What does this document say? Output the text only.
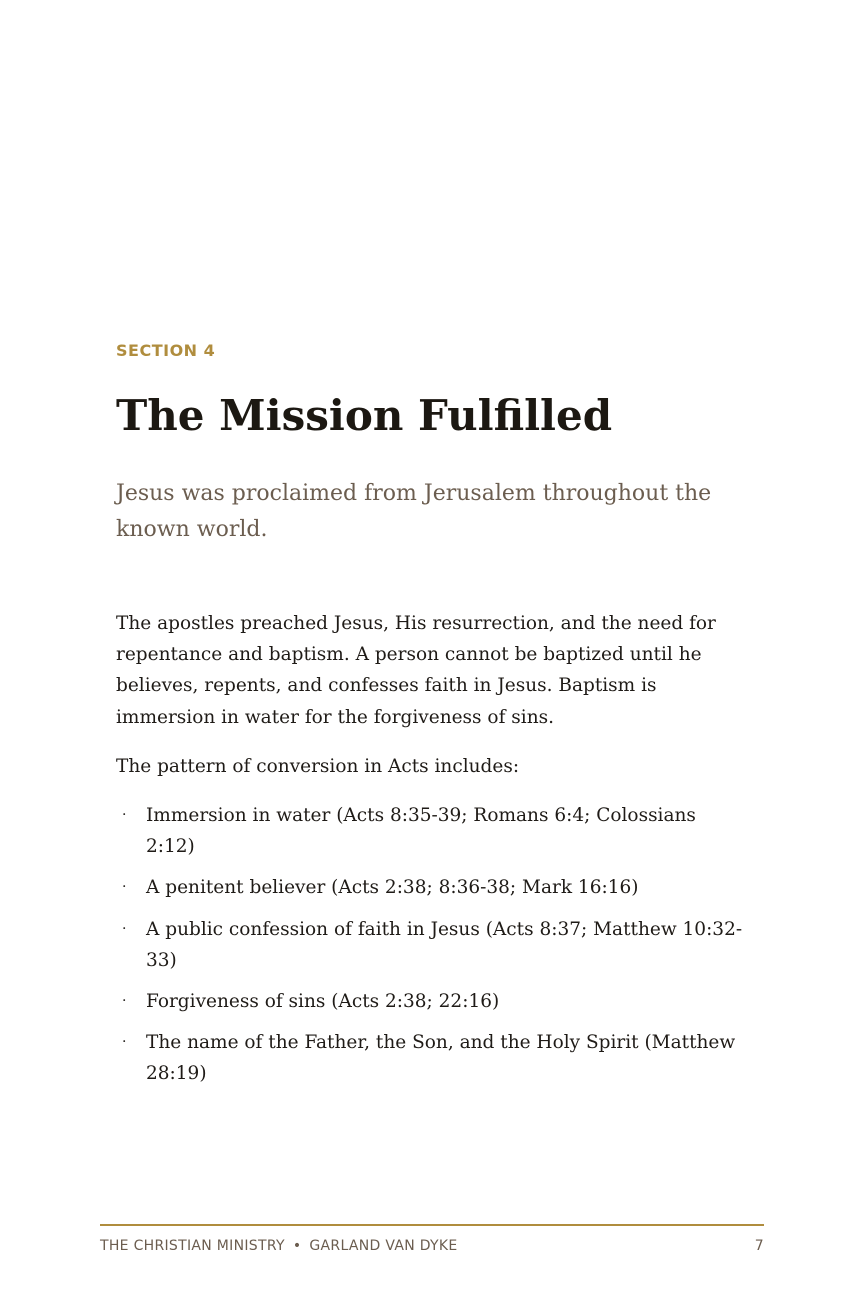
SECTION 4

The Mission Fulfilled

Jesus was proclaimed from Jerusalem throughout the known world.

The apostles preached Jesus, His resurrection, and the need for repentance and baptism. A person cannot be baptized until he believes, repents, and confesses faith in Jesus. Baptism is immersion in water for the forgiveness of sins.

The pattern of conversion in Acts includes:

· Immersion in water (Acts 8:35-39; Romans 6:4; Colossians 2:12)
· A penitent believer (Acts 2:38; 8:36-38; Mark 16:16)
· A public confession of faith in Jesus (Acts 8:37; Matthew 10:32-33)
· Forgiveness of sins (Acts 2:38; 22:16)
· The name of the Father, the Son, and the Holy Spirit (Matthew 28:19)
THE CHRISTIAN MINISTRY • GARLAND VAN DYKE	7
